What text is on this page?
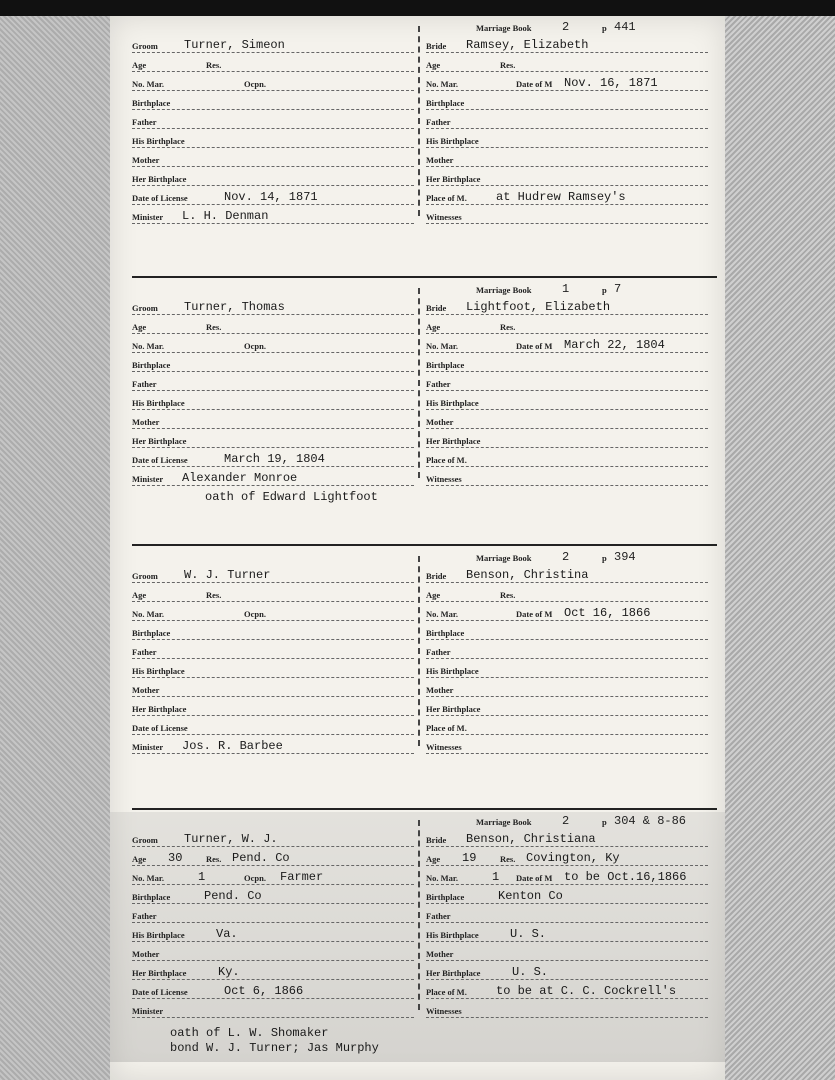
Groom Turner, Simeon
Age	Res.
No. Mar.	Ocpn.
Birthplace
Father
His Birthplace
Mother
Her Birthplace
Date of License	Nov. 14, 1871
Minister L. H. Denman
Marriage Book	2	p 441
Bride Ramsey, Elizabeth
Age	Res.
No. Mar.	Date of M Nov. 16, 1871
Birthplace
Father
His Birthplace
Mother
Her Birthplace
Place of M. at Hudrew Ramsey's
Witnesses
Groom Turner, Thomas
Age	Res.
No. Mar.	Ocpn.
Birthplace
Father
His Birthplace
Mother
Her Birthplace
Date of License	March 19, 1804
Minister Alexander Monroe
Marriage Book	1	p 7
Bride Lightfoot, Elizabeth
Age	Res.
No. Mar.	Date of M March 22, 1804
Birthplace
Father
His Birthplace
Mother
Her Birthplace
Place of M.
Witnesses
oath of Edward Lightfoot
Groom W. J. Turner
Age	Res.
No. Mar.	Ocpn.
Birthplace
Father
His Birthplace
Mother
Her Birthplace
Date of License
Minister Jos. R. Barbee
Marriage Book	2	p 394
Bride Benson, Christina
Age	Res.
No. Mar.	Date of M Oct 16, 1866
Birthplace
Father
His Birthplace
Mother
Her Birthplace
Place of M.
Witnesses
Groom Turner, W. J.
Age 30	Res. Pend. Co
No. Mar.	1	Ocpn. Farmer
Birthplace	Pend. Co
Father
His Birthplace	Va.
Mother
Her Birthplace	Ky.
Date of License	Oct 6, 1866
Minister
Marriage Book	2	p 304 & 8-86
Bride Benson, Christiana
Age 19	Res. Covington, Ky
No. Mar.	1 Date of M to be Oct.16,1866
Birthplace	Kenton Co
Father
His Birthplace	U. S.
Mother
Her Birthplace	U. S.
Place of M. to be at C. C. Cockrell's
Witnesses
oath of L. W. Shomaker
bond W. J. Turner; Jas Murphy
